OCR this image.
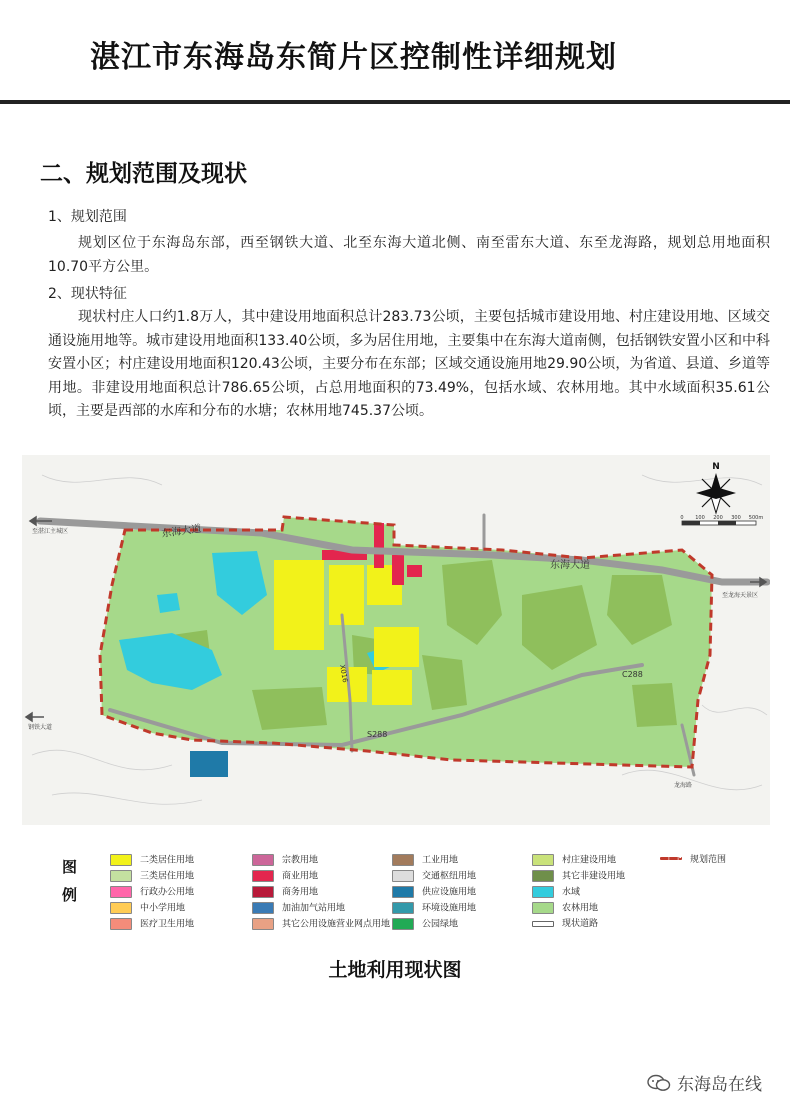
湛江市东海岛东简片区控制性详细规划
二、规划范围及现状
1、规划范围
规划区位于东海岛东部，西至钢铁大道、北至东海大道北侧、南至雷东大道、东至龙海路，规划总用地面积10.70平方公里。
2、现状特征
现状村庄人口约1.8万人，其中建设用地面积总计283.73公顷，主要包括城市建设用地、村庄建设用地、区域交通设施用地等。城市建设用地面积133.40公顷，多为居住用地，主要集中在东海大道南侧，包括钢铁安置小区和中科安置小区；村庄建设用地面积120.43公顷，主要分布在东部；区域交通设施用地29.90公顷，为省道、县道、乡道等用地。非建设用地面积总计786.65公顷，占总用地面积的73.49%，包括水域、农林用地。其中水域面积35.61公顷，主要是西部的水库和分布的水塘；农林用地745.37公顷。
东海大道
东海大道
S288
C288
X016
至湛江主城区
至龙海天景区
钢铁大道
龙海路
N
0 100 200 300 500m
图
例
二类居住用地
三类居住用地
行政办公用地
中小学用地
医疗卫生用地
宗教用地
商业用地
商务用地
加油加气站用地
其它公用设施营业网点用地
工业用地
交通枢纽用地
供应设施用地
环境设施用地
公园绿地
村庄建设用地
其它非建设用地
水域
农林用地
现状道路
规划范围
土地利用现状图
东海岛在线
